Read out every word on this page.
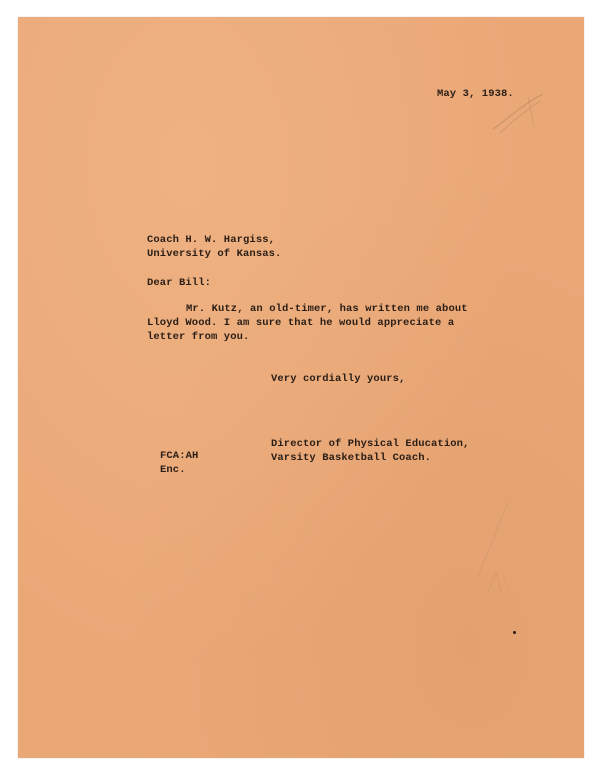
May 3, 1938.
Coach H. W. Hargiss,
University of Kansas.
Dear Bill:
Mr. Kutz, an old-timer, has written me about
Lloyd Wood. I am sure that he would appreciate a
letter from you.
Very cordially yours,
FCA:AH
Enc.
Director of Physical Education,
Varsity Basketball Coach.
